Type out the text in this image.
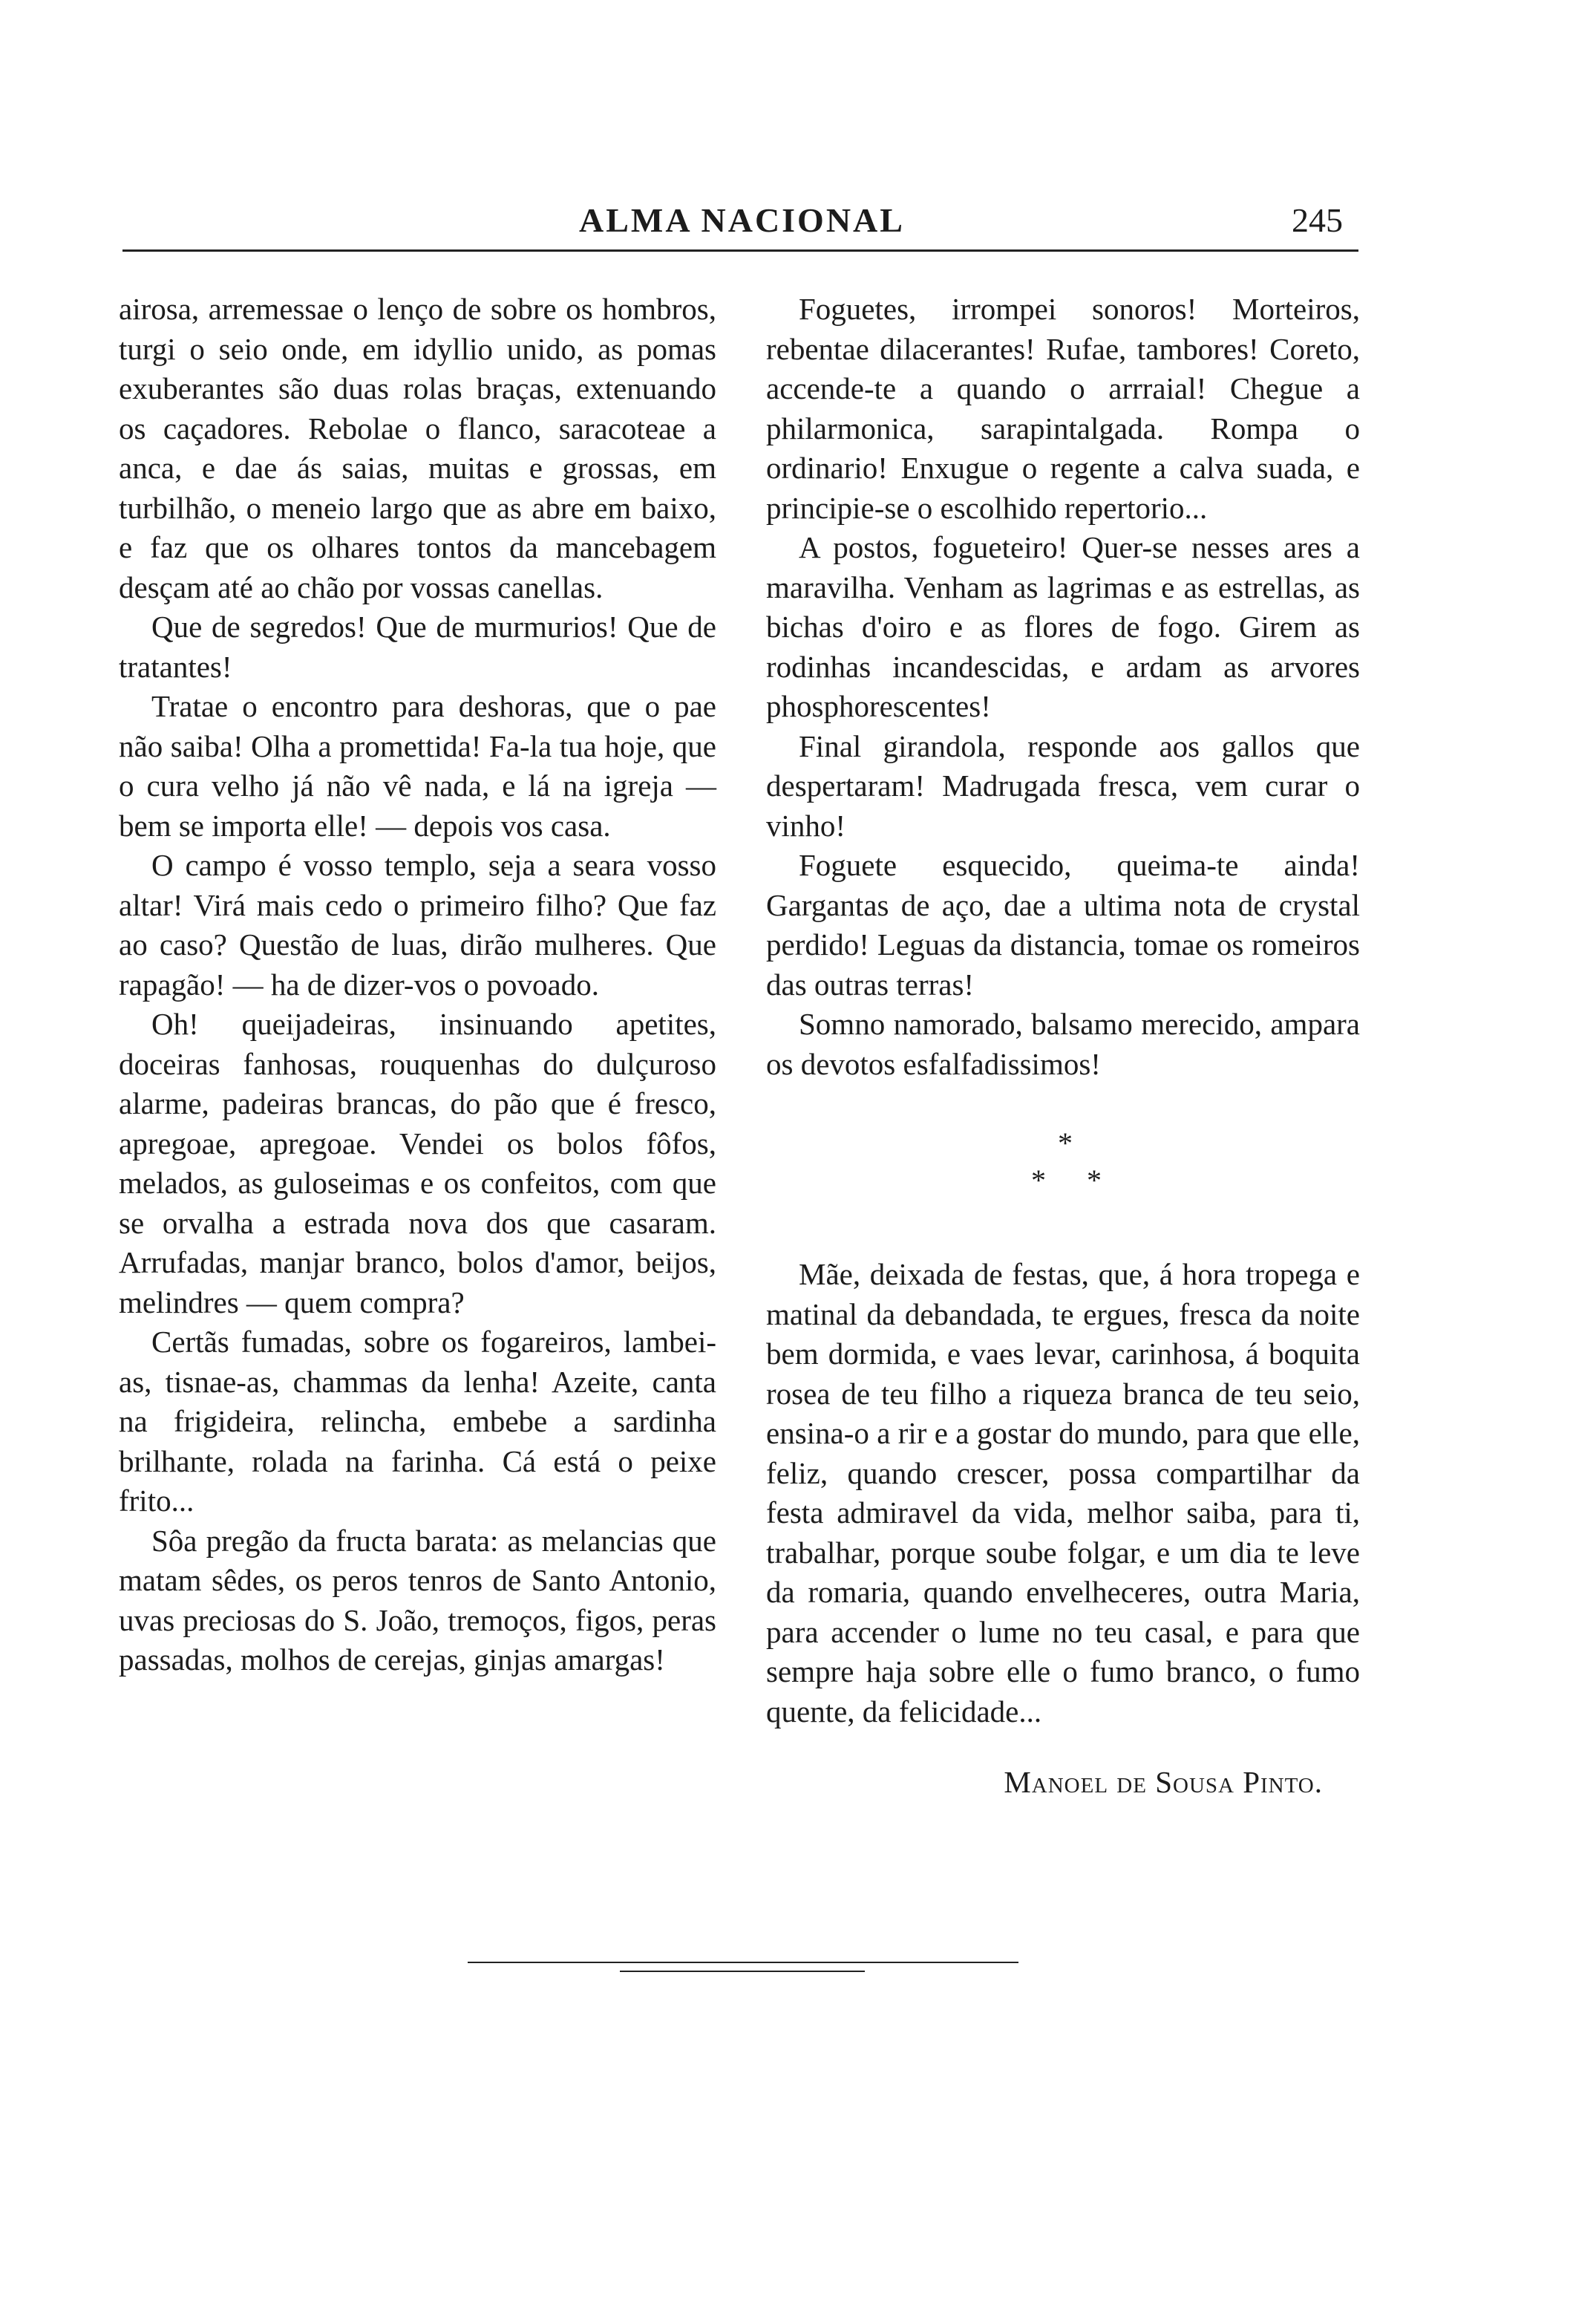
ALMA NACIONAL	245

airosa, arremessae o lenço de sobre os hombros, turgi o seio onde, em idyllio unido, as pomas exuberantes são duas rolas braças, extenuando os caçadores. Rebolae o flanco, saracoteae a anca, e dae ás saias, muitas e grossas, em turbilhão, o meneio largo que as abre em baixo, e faz que os olhares tontos da mancebagem desçam até ao chão por vossas canellas.

Que de segredos! Que de murmurios! Que de tratantes!

Tratae o encontro para deshoras, que o pae não saiba! Olha a promettida! Fa-la tua hoje, que o cura velho já não vê nada, e lá na igreja — bem se importa elle! — depois vos casa.

O campo é vosso templo, seja a seara vosso altar! Virá mais cedo o primeiro filho? Que faz ao caso? Questão de luas, dirão mulheres. Que rapagão! — ha de dizer-vos o povoado.

Oh! queijadeiras, insinuando apetites, doceiras fanhosas, rouquenhas do dulçuroso alarme, padeiras brancas, do pão que é fresco, apregoae, apregoae. Vendei os bolos fôfos, melados, as guloseimas e os confeitos, com que se orvalha a estrada nova dos que casaram. Arrufadas, manjar branco, bolos d'amor, beijos, melindres — quem compra?

Certãs fumadas, sobre os fogareiros, lambei-as, tisnae-as, chammas da lenha! Azeite, canta na frigideira, relincha, embebe a sardinha brilhante, rolada na farinha. Cá está o peixe frito...

Sôa pregão da fructa barata: as melancias que matam sêdes, os peros tenros de Santo Antonio, uvas preciosas do S. João, tremoços, figos, peras passadas, molhos de cerejas, ginjas amargas!

Foguetes, irrompei sonoros! Morteiros, rebentae dilacerantes! Rufae, tambores! Coreto, accende-te a quando o arrraial! Chegue a philarmonica, sarapintalgada. Rompa o ordinario! Enxugue o regente a calva suada, e principie-se o escolhido repertorio...

A postos, fogueteiro! Quer-se nesses ares a maravilha. Venham as lagrimas e as estrellas, as bichas d'oiro e as flores de fogo. Girem as rodinhas incandescidas, e ardam as arvores phosphorescentes!

Final girandola, responde aos gallos que despertaram! Madrugada fresca, vem curar o vinho!

Foguete esquecido, queima-te ainda! Gargantas de aço, dae a ultima nota de crystal perdido! Leguas da distancia, tomae os romeiros das outras terras!

Somno namorado, balsamo merecido, ampara os devotos esfalfadissimos!

*
* *

Mãe, deixada de festas, que, á hora tropega e matinal da debandada, te ergues, fresca da noite bem dormida, e vaes levar, carinhosa, á boquita rosea de teu filho a riqueza branca de teu seio, ensina-o a rir e a gostar do mundo, para que elle, feliz, quando crescer, possa compartilhar da festa admiravel da vida, melhor saiba, para ti, trabalhar, porque soube folgar, e um dia te leve da romaria, quando envelheceres, outra Maria, para accender o lume no teu casal, e para que sempre haja sobre elle o fumo branco, o fumo quente, da felicidade...

Manoel de Sousa Pinto.
